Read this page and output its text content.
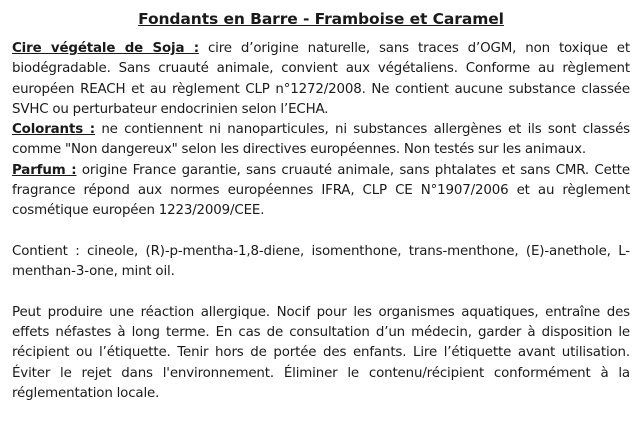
Fondants en Barre - Framboise et Caramel

Cire végétale de Soja : cire d’origine naturelle, sans traces d’OGM, non toxique et biodégradable. Sans cruauté animale, convient aux végétaliens. Conforme au règlement européen REACH et au règlement CLP n°1272/2008. Ne contient aucune substance classée SVHC ou perturbateur endocrinien selon l’ECHA.

Colorants : ne contiennent ni nanoparticules, ni substances allergènes et ils sont classés comme "Non dangereux" selon les directives européennes. Non testés sur les animaux.

Parfum : origine France garantie, sans cruauté animale, sans phtalates et sans CMR. Cette fragrance répond aux normes européennes IFRA, CLP CE N°1907/2006 et au règlement cosmétique européen 1223/2009/CEE.

Contient : cineole, (R)-p-mentha-1,8-diene, isomenthone, trans-menthone, (E)-anethole, L-menthan-3-one, mint oil.

Peut produire une réaction allergique. Nocif pour les organismes aquatiques, entraîne des effets néfastes à long terme. En cas de consultation d’un médecin, garder à disposition le récipient ou l’étiquette. Tenir hors de portée des enfants. Lire l’étiquette avant utilisation. Éviter le rejet dans l'environnement. Éliminer le contenu/récipient conformément à la réglementation locale.
